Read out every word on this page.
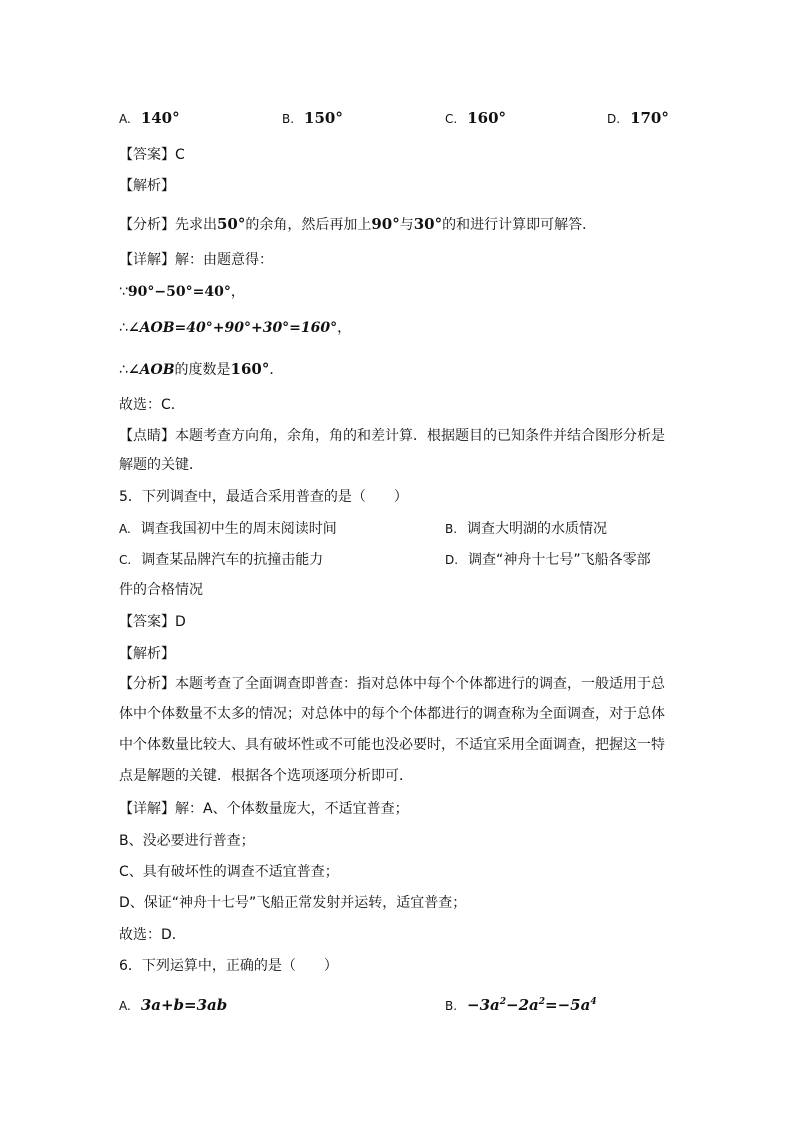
A. 140°	B. 150°	C. 160°	D. 170°
【答案】C
【解析】
【分析】先求出50°的余角，然后再加上90°与30°的和进行计算即可解答．
【详解】解：由题意得：
∵90°−50°=40°，
∴∠AOB=40°+90°+30°=160°，
∴∠AOB的度数是160°．
故选：C．
【点睛】本题考查方向角，余角，角的和差计算．根据题目的已知条件并结合图形分析是
解题的关键．
5．下列调查中，最适合采用普查的是（　　）
A. 调查我国初中生的周末阅读时间	B. 调查大明湖的水质情况
C. 调查某品牌汽车的抗撞击能力	D. 调查“神舟十七号”飞船各零部
件的合格情况
【答案】D
【解析】
【分析】本题考查了全面调查即普查：指对总体中每个个体都进行的调查，一般适用于总
体中个体数量不太多的情况；对总体中的每个个体都进行的调查称为全面调查，对于总体
中个体数量比较大、具有破坏性或不可能也没必要时，不适宜采用全面调查，把握这一特
点是解题的关键．根据各个选项逐项分析即可．
【详解】解：A、个体数量庞大，不适宜普查；
B、没必要进行普查；
C、具有破坏性的调查不适宜普查；
D、保证“神舟十七号”飞船正常发射并运转，适宜普查；
故选：D．
6．下列运算中，正确的是（　　）
A. 3a+b=3ab	B. $-3a^2-2a^2=-5a^4$
